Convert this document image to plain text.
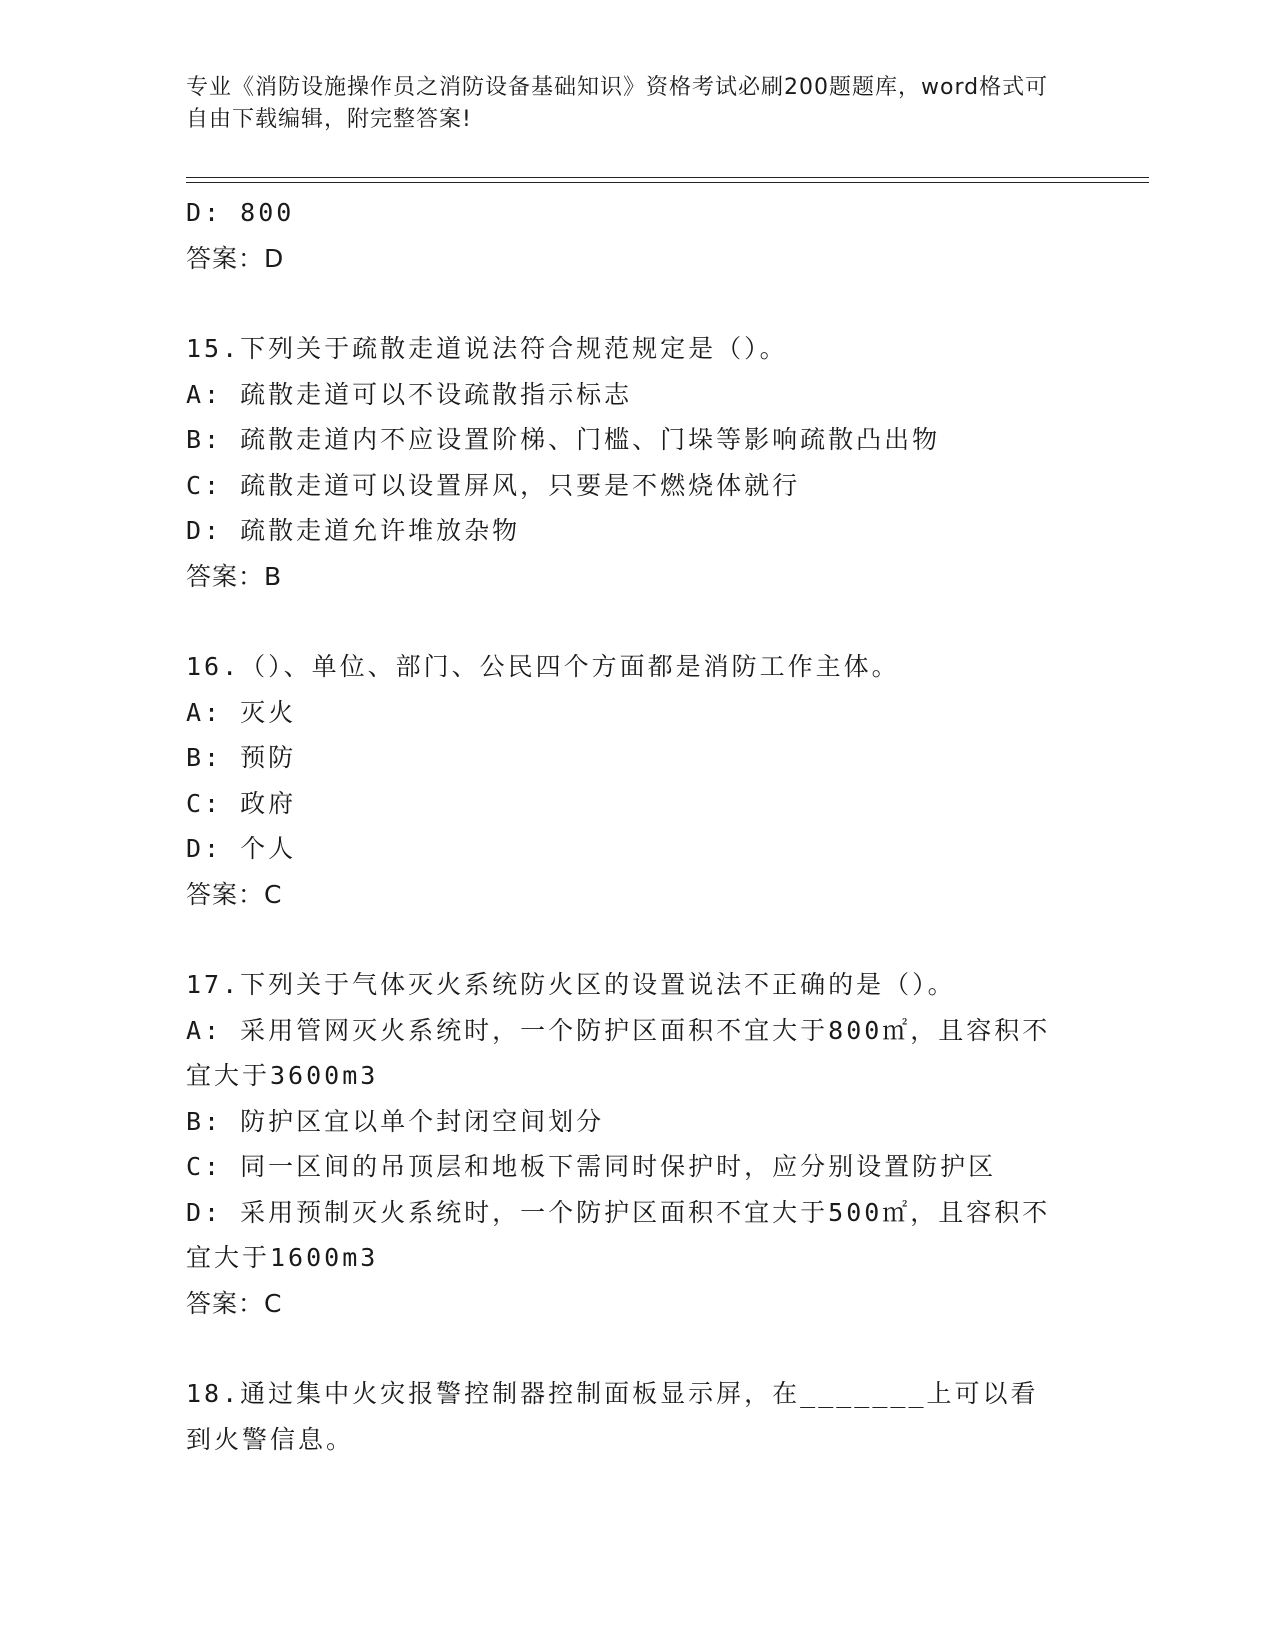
专业《消防设施操作员之消防设备基础知识》资格考试必刷200题题库，word格式可自由下载编辑，附完整答案!
D: 800
答案：D
15.下列关于疏散走道说法符合规范规定是（）。
A: 疏散走道可以不设疏散指示标志
B: 疏散走道内不应设置阶梯、门槛、门垛等影响疏散凸出物
C: 疏散走道可以设置屏风，只要是不燃烧体就行
D: 疏散走道允许堆放杂物
答案：B
16.（）、单位、部门、公民四个方面都是消防工作主体。
A: 灭火
B: 预防
C: 政府
D: 个人
答案：C
17.下列关于气体灭火系统防火区的设置说法不正确的是（）。
A: 采用管网灭火系统时，一个防护区面积不宜大于800㎡，且容积不宜大于3600m3
B: 防护区宜以单个封闭空间划分
C: 同一区间的吊顶层和地板下需同时保护时，应分别设置防护区
D: 采用预制灭火系统时，一个防护区面积不宜大于500㎡，且容积不宜大于1600m3
答案：C
18.通过集中火灾报警控制器控制面板显示屏，在_______上可以看到火警信息。
